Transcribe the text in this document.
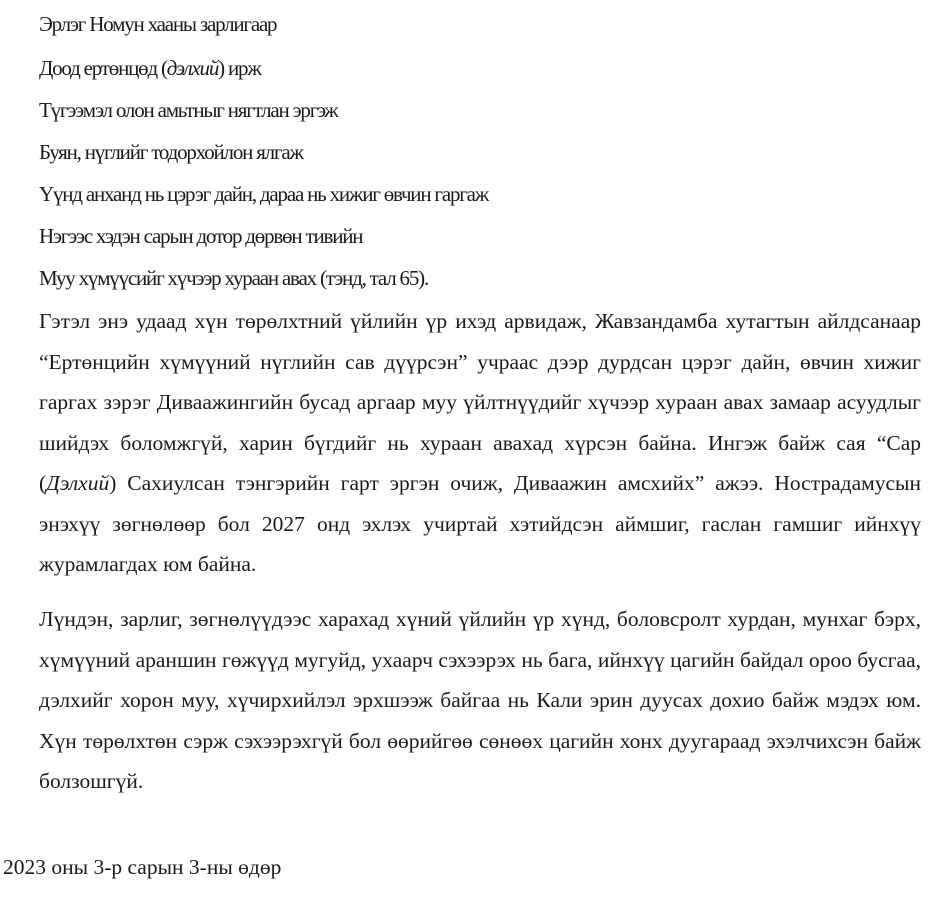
Эрлэг Номун хааны зарлигаар
Доод ертөнцөд (дэлхий) ирж
Түгээмэл олон амьтныг нягтлан эргэж
Буян, нүглийг тодорхойлон ялгаж
Үүнд анханд нь цэрэг дайн, дараа нь хижиг өвчин гаргаж
Нэгээс хэдэн сарын дотор дөрвөн тивийн
Муу хүмүүсийг хүчээр хураан авах (тэнд, тал 65).
Гэтэл энэ удаад хүн төрөлхтний үйлийн үр ихэд арвидаж, Жавзандамба хутагтын айлдсанаар “Ертөнцийн хүмүүний нүглийн сав дүүрсэн” учраас дээр дурдсан цэрэг дайн, өвчин хижиг гаргах зэрэг Диваажингийн бусад аргаар муу үйлтнүүдийг хүчээр хураан авах замаар асуудлыг шийдэх боломжгүй, харин бүгдийг нь хураан авахад хүрсэн байна. Ингэж байж сая “Сар (Дэлхий) Сахиулсан тэнгэрийн гарт эргэн очиж, Диваажин амсхийх” ажээ. Нострадамусын энэхүү зөгнөлөөр бол 2027 онд эхлэх учиртай хэтийдсэн аймшиг, гаслан гамшиг ийнхүү журамлагдах юм байна.
Лүндэн, зарлиг, зөгнөлүүдээс харахад хүний үйлийн үр хүнд, боловсролт хурдан, мунхаг бэрх, хүмүүний араншин гөжүүд мугуйд, ухаарч сэхээрэх нь бага, ийнхүү цагийн байдал ороо бусгаа, дэлхийг хорон муу, хүчирхийлэл эрхшээж байгаа нь Кали эрин дуусах дохио байж мэдэх юм. Хүн төрөлхтөн сэрж сэхээрэхгүй бол өөрийгөө сөнөөх цагийн хонх дуугараад эхэлчихсэн байж болзошгүй.
2023 оны 3-р сарын 3-ны өдөр
